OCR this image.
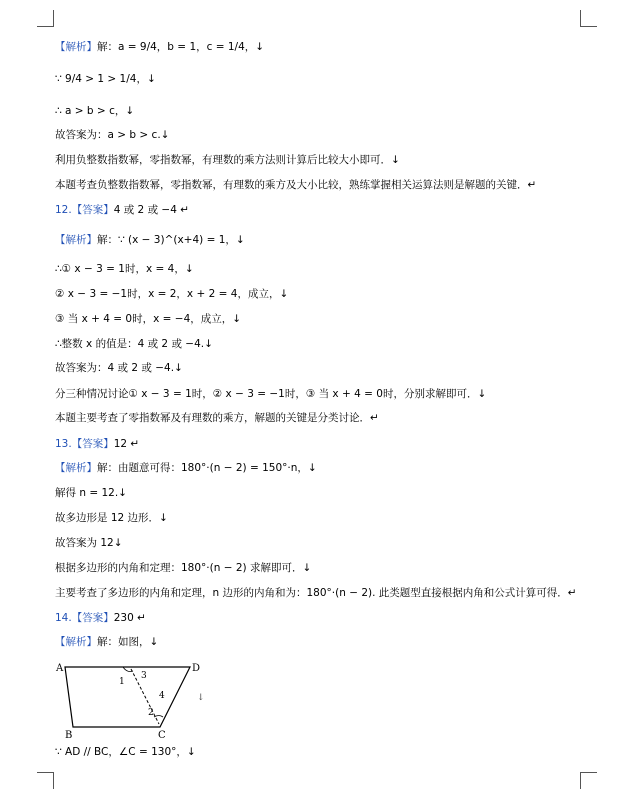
【解析】解：a = 9/4，b = 1，c = 1/4，↓
∵ 9/4 > 1 > 1/4，↓
∴ a > b > c，↓
故答案为：a > b > c.↓
利用负整数指数幂，零指数幂，有理数的乘方法则计算后比较大小即可．↓
本题考查负整数指数幂，零指数幂，有理数的乘方及大小比较，熟练掌握相关运算法则是解题的关键．↵
12.【答案】4 或 2 或 −4 ↵
【解析】解：∵ (x − 3)^(x+4) = 1，↓
∴① x − 3 = 1时，x = 4，↓
② x − 3 = −1时，x = 2，x + 2 = 4，成立，↓
③ 当 x + 4 = 0时，x = −4，成立，↓
∴整数 x 的值是：4 或 2 或 −4.↓
故答案为：4 或 2 或 −4.↓
分三种情况讨论① x − 3 = 1时，② x − 3 = −1时，③ 当 x + 4 = 0时，分别求解即可．↓
本题主要考查了零指数幂及有理数的乘方，解题的关键是分类讨论．↵
13.【答案】12 ↵
【解析】解：由题意可得：180°·(n − 2) = 150°·n，↓
解得 n = 12.↓
故多边形是 12 边形．↓
故答案为 12↓
根据多边形的内角和定理：180°·(n − 2) 求解即可．↓
主要考查了多边形的内角和定理，n 边形的内角和为：180°·(n − 2). 此类题型直接根据内角和公式计算可得．↵
14.【答案】230 ↵
【解析】解：如图，↓
A	D
B	C
1
3
4
2
↓
∵ AD // BC，∠C = 130°，↓
